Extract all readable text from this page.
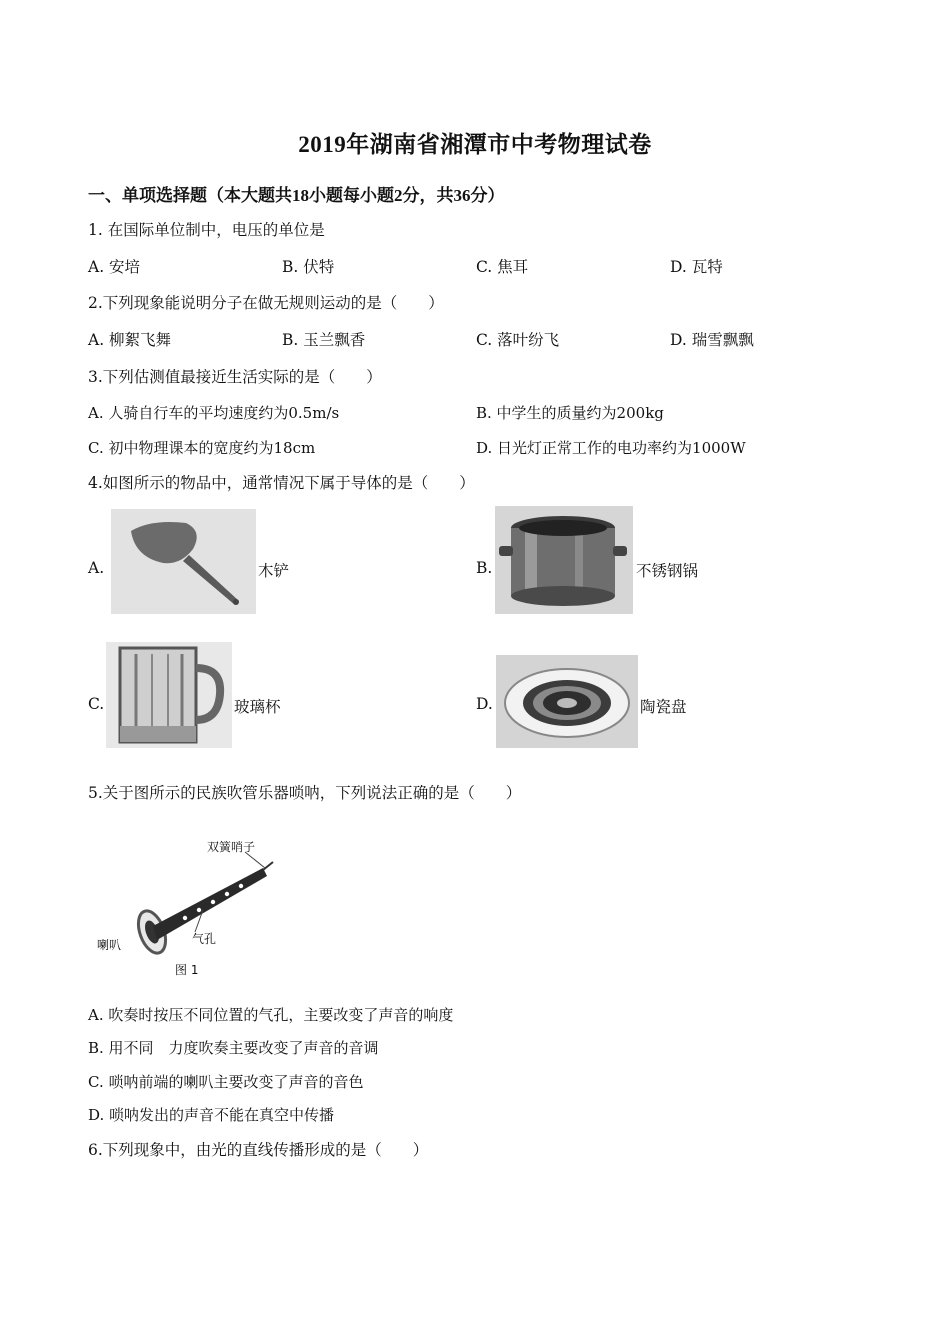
2019年湖南省湘潭市中考物理试卷
一、单项选择题（本大题共18小题每小题2分，共36分）
1. 在国际单位制中，电压的单位是
A. 安培	B. 伏特	C. 焦耳	D. 瓦特
2.下列现象能说明分子在做无规则运动的是（　　）
A. 柳絮飞舞	B. 玉兰飘香	C. 落叶纷飞	D. 瑞雪飘飘
3.下列估测值最接近生活实际的是（　　）
A. 人骑自行车的平均速度约为0.5m/s	B. 中学生的质量约为200kg
C. 初中物理课本的宽度约为18cm	D. 日光灯正常工作的电功率约为1000W
4.如图所示的物品中，通常情况下属于导体的是（　　）
A.	木铲	B.	不锈钢锅
C.	玻璃杯	D.	陶瓷盘
5.关于图所示的民族吹管乐器唢呐，下列说法正确的是（　　）
双簧哨子
气孔
喇叭
图 1
A. 吹奏时按压不同位置的气孔，主要改变了声音的响度
B. 用不同　力度吹奏主要改变了声音的音调
C. 唢呐前端的喇叭主要改变了声音的音色
D. 唢呐发出的声音不能在真空中传播
6.下列现象中，由光的直线传播形成的是（　　）
